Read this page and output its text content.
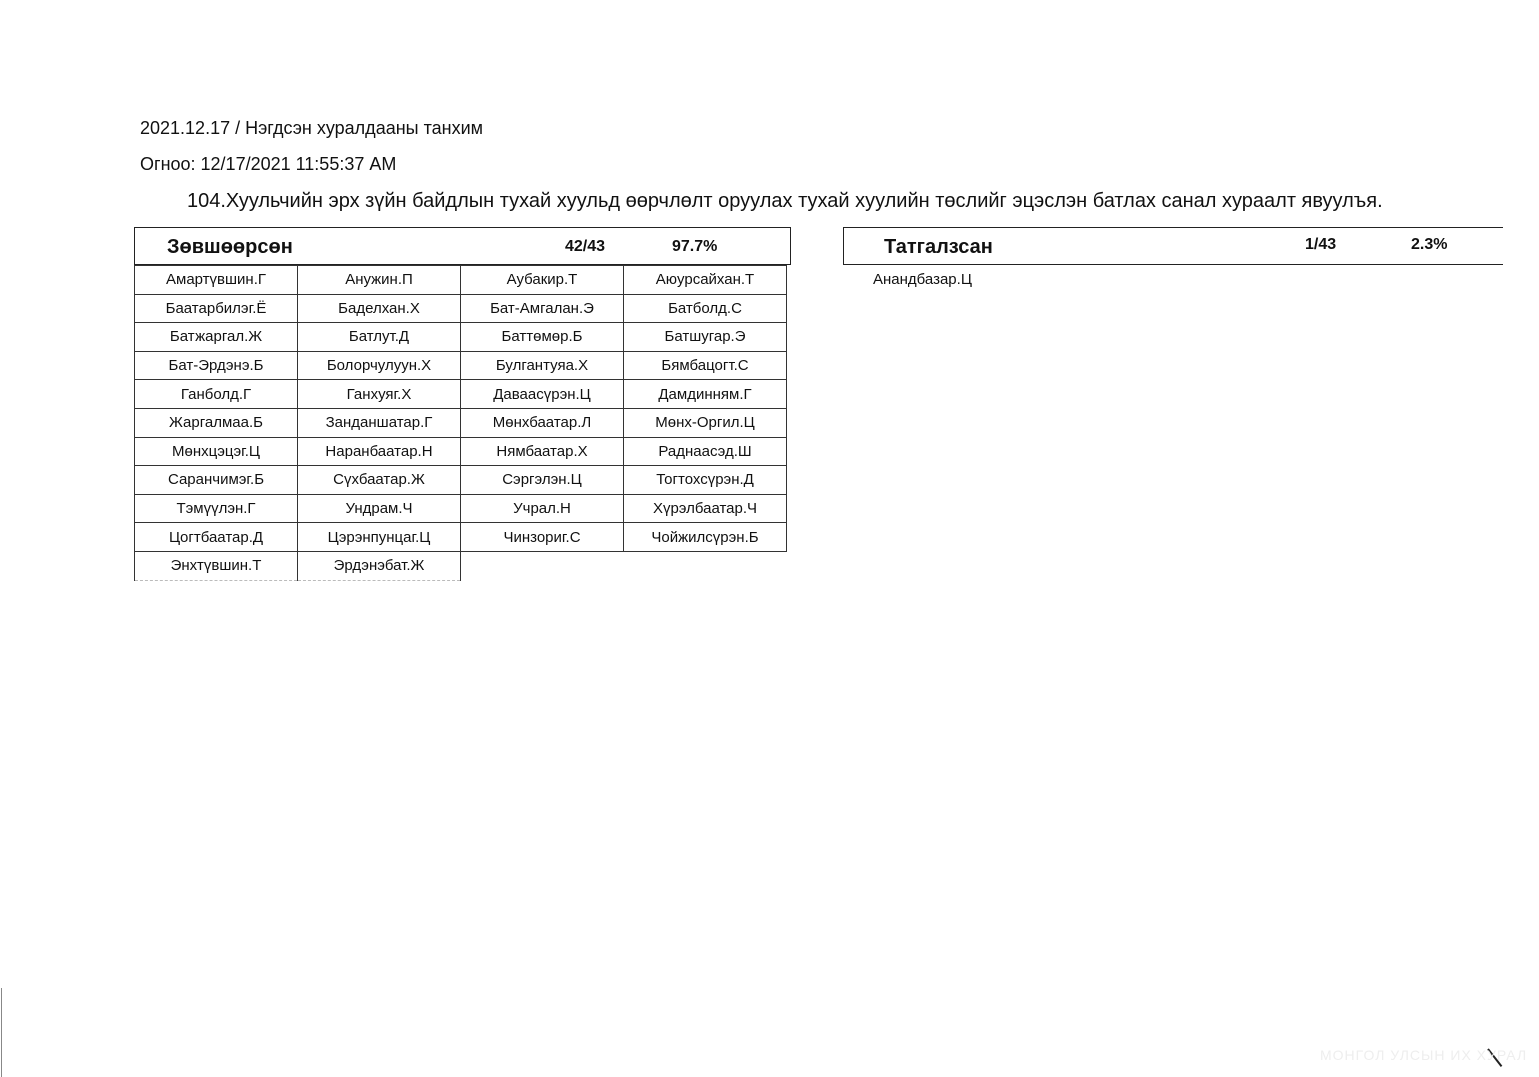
2021.12.17 / Нэгдсэн хуралдааны танхим
Огноо: 12/17/2021 11:55:37 AM
104.Хуульчийн эрх зүйн байдлын тухай хуульд өөрчлөлт оруулах тухай хуулийн төслийг эцэслэн батлах санал хураалт явуулъя.
Зөвшөөрсөн	42/43	97.7%
Амартүвшин.Г	Анужин.П	Аубакир.Т	Аюурсайхан.Т
Баатарбилэг.Ё	Баделхан.Х	Бат-Амгалан.Э	Батболд.С
Батжаргал.Ж	Батлут.Д	Баттөмөр.Б	Батшугар.Э
Бат-Эрдэнэ.Б	Болорчулуун.Х	Булгантуяа.Х	Бямбацогт.С
Ганболд.Г	Ганхуяг.Х	Даваасүрэн.Ц	Дамдинням.Г
Жаргалмаа.Б	Занданшатар.Г	Мөнхбаатар.Л	Мөнх-Оргил.Ц
Мөнхцэцэг.Ц	Наранбаатар.Н	Нямбаатар.Х	Раднаасэд.Ш
Саранчимэг.Б	Сүхбаатар.Ж	Сэргэлэн.Ц	Тогтохсүрэн.Д
Тэмүүлэн.Г	Ундрам.Ч	Учрал.Н	Хүрэлбаатар.Ч
Цогтбаатар.Д	Цэрэнпунцаг.Ц	Чинзориг.С	Чойжилсүрэн.Б
Энхтүвшин.Т	Эрдэнэбат.Ж		
Татгалзсан	1/43	2.3%
Анандбазар.Ц
МОНГОЛ УЛСЫН ИХ ХУРАЛ
